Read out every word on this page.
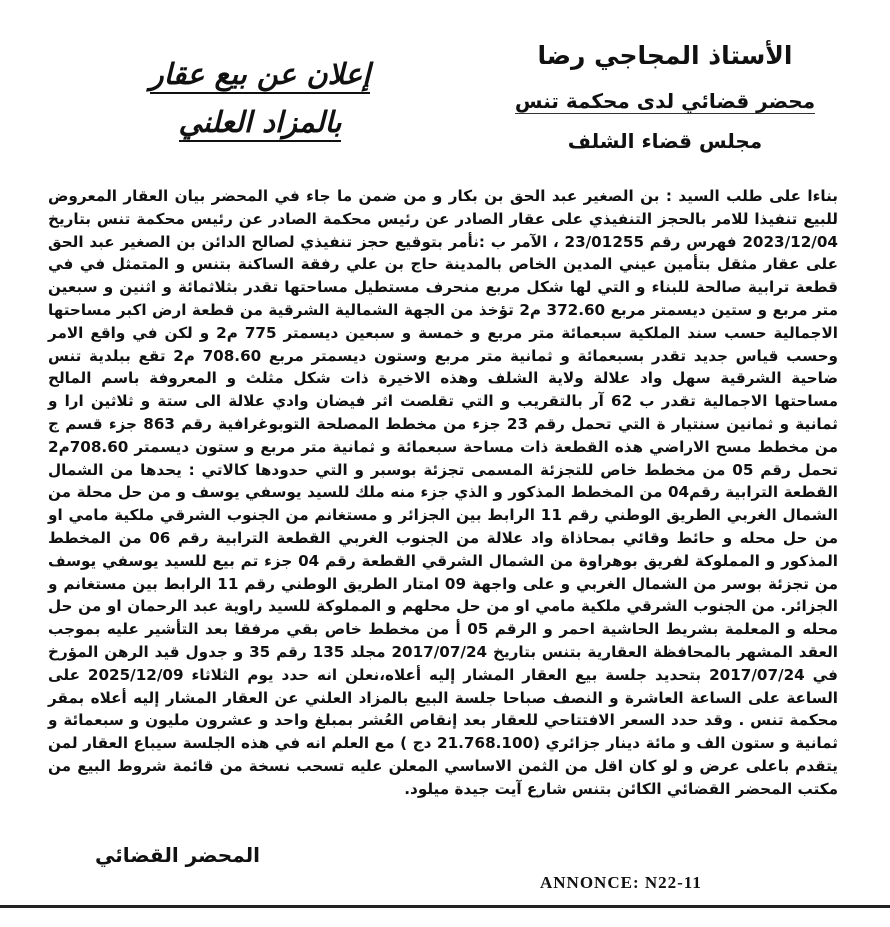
الأستاذ المجاجي رضا
محضر قضائي لدى محكمة تنس
مجلس قضاء الشلف
إعلان عن بيع عقار
بالمزاد العلني

بناءا على طلب السيد : بن الصغير عبد الحق بن بكار و من ضمن ما جاء في المحضر بيان العقار المعروض للبيع تنفيذا للامر بالحجز التنفيذي على عقار الصادر عن رئيس محكمة الصادر عن رئيس محكمة تنس بتاريخ 2023/12/04 فهرس رقم 23/01255 ، الآمر ب :نأمر بتوقيع حجز تنفيذي لصالح الدائن بن الصغير عبد الحق على عقار مثقل بتأمين عيني المدين الخاص بالمدينة حاج بن علي رفقة الساكنة بتنس و المتمثل في في قطعة ترابية صالحة للبناء و التي لها شكل مربع منحرف مستطيل مساحتها تقدر بثلاثمائة و اثنين و سبعين متر مربع و ستين ديسمتر مربع 372.60 م2 تؤخذ من الجهة الشمالية الشرقية من قطعة ارض اكبر مساحتها الاجمالية حسب سند الملكية سبعمائة متر مربع و خمسة و سبعين ديسمتر 775 م2 و لكن في واقع الامر وحسب قياس جديد تقدر بسبعمائة و ثمانية متر مربع وستون ديسمتر مربع 708.60 م2 تقع ببلدية تنس ضاحية الشرقية سهل واد علالة ولاية الشلف وهذه الاخيرة ذات شكل مثلث و المعروفة باسم المالح مساحتها الاجمالية تقدر ب 62 آر بالتقريب و التي تقلصت اثر فيضان وادي علالة الى ستة و ثلاثين ارا و ثمانية و ثمانين سنتيار ة التي تحمل رقم 23 جزء من مخطط المصلحة التوبوغرافية رقم 863 جزء قسم ج من مخطط مسح الاراضي هذه القطعة ذات مساحة سبعمائة و ثمانية متر مربع و ستون ديسمتر 708.60م2 تحمل رقم 05 من مخطط خاص للتجزئة المسمى تجزئة بوسبر و التي حدودها كالاتي : يحدها من الشمال القطعة الترابية رقم04 من المخطط المذكور و الذي جزء منه ملك للسيد يوسفي يوسف و من حل محلة من الشمال الغربي الطريق الوطني رقم 11 الرابط بين الجزائر و مستغانم من الجنوب الشرقي ملكية مامي او من حل محله و حائط وقائي بمحاذاة واد علالة من الجنوب الغربي القطعة الترابية رقم 06 من المخطط المذكور و المملوكة لفريق بوهراوة من الشمال الشرقي القطعة رقم 04 جزء تم بيع للسيد يوسفي يوسف من تجزئة بوسر من الشمال الغربي و على واجهة 09 امتار الطريق الوطني رقم 11 الرابط بين مستغانم و الجزائر. من الجنوب الشرقي ملكية مامي او من حل محلهم و المملوكة للسيد راوية عبد الرحمان او من حل محله و المعلمة بشريط الحاشية احمر و الرقم 05 أ من مخطط خاص بقي مرفقا بعد التأشير عليه بموجب العقد المشهر بالمحافظة العقارية بتنس بتاريخ 2017/07/24 مجلد 135 رقم 35 و جدول قيد الرهن المؤرخ في 2017/07/24 بتحديد جلسة بيع العقار المشار إليه أعلاه،نعلن انه حدد يوم الثلاثاء 2025/12/09 على الساعة على الساعة العاشرة و النصف صباحا جلسة البيع بالمزاد العلني عن العقار المشار إليه أعلاه بمقر محكمة تنس . وقد حدد السعر الافتتاحي للعقار بعد إنقاص العُشر بمبلغ واحد و عشرون مليون و سبعمائة و ثمانية و ستون الف و مائة دينار جزائري (21.768.100 دج ) مع العلم انه في هذه الجلسة سيباع العقار لمن يتقدم باعلى عرض و لو كان اقل من الثمن الاساسي المعلن عليه تسحب نسخة من قائمة شروط البيع من مكتب المحضر القضائي الكائن بتنس شارع آيت جيدة ميلود.

المحضر القضائي
ANNONCE: N22-11
